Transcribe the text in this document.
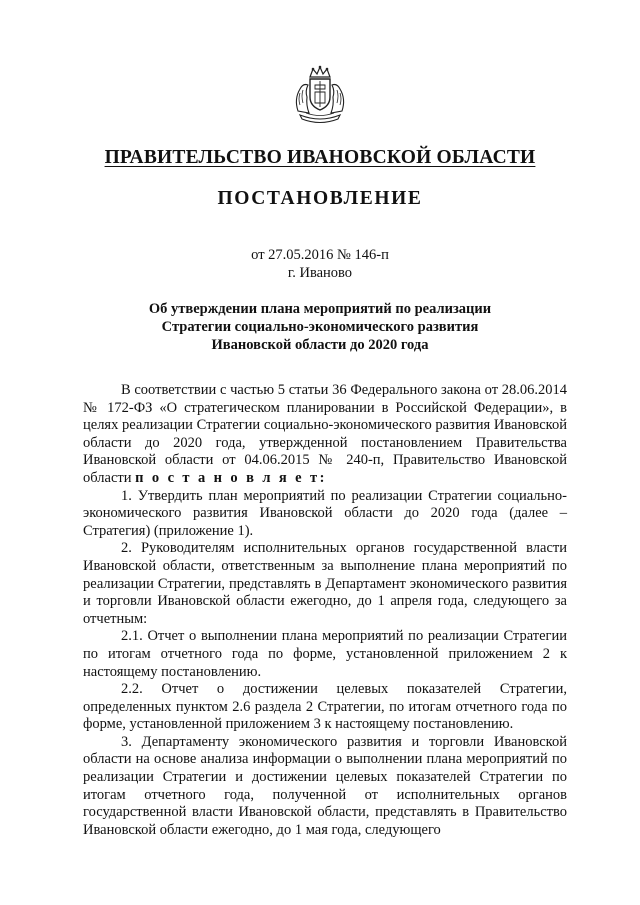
ПРАВИТЕЛЬСТВО ИВАНОВСКОЙ ОБЛАСТИ
ПОСТАНОВЛЕНИЕ
от 27.05.2016 № 146-п
г. Иваново
Об утверждении плана мероприятий по реализации
Стратегии социально-экономического развития
Ивановской области до 2020 года

В соответствии с частью 5 статьи 36 Федерального закона от 28.06.2014 № 172-ФЗ «О стратегическом планировании в Российской Федерации», в целях реализации Стратегии социально-экономического развития Ивановской области до 2020 года, утвержденной постановлением Правительства Ивановской области от 04.06.2015 № 240-п, Правительство Ивановской области п о с т а н о в л я е т:

1. Утвердить план мероприятий по реализации Стратегии социально-экономического развития Ивановской области до 2020 года (далее – Стратегия) (приложение 1).

2. Руководителям исполнительных органов государственной власти Ивановской области, ответственным за выполнение плана мероприятий по реализации Стратегии, представлять в Департамент экономического развития и торговли Ивановской области ежегодно, до 1 апреля года, следующего за отчетным:

2.1. Отчет о выполнении плана мероприятий по реализации Стратегии по итогам отчетного года по форме, установленной приложением 2 к настоящему постановлению.

2.2. Отчет о достижении целевых показателей Стратегии, определенных пунктом 2.6 раздела 2 Стратегии, по итогам отчетного года по форме, установленной приложением 3 к настоящему постановлению.

3. Департаменту экономического развития и торговли Ивановской области на основе анализа информации о выполнении плана мероприятий по реализации Стратегии и достижении целевых показателей Стратегии по итогам отчетного года, полученной от исполнительных органов государственной власти Ивановской области, представлять в Правительство Ивановской области ежегодно, до 1 мая года, следующего
